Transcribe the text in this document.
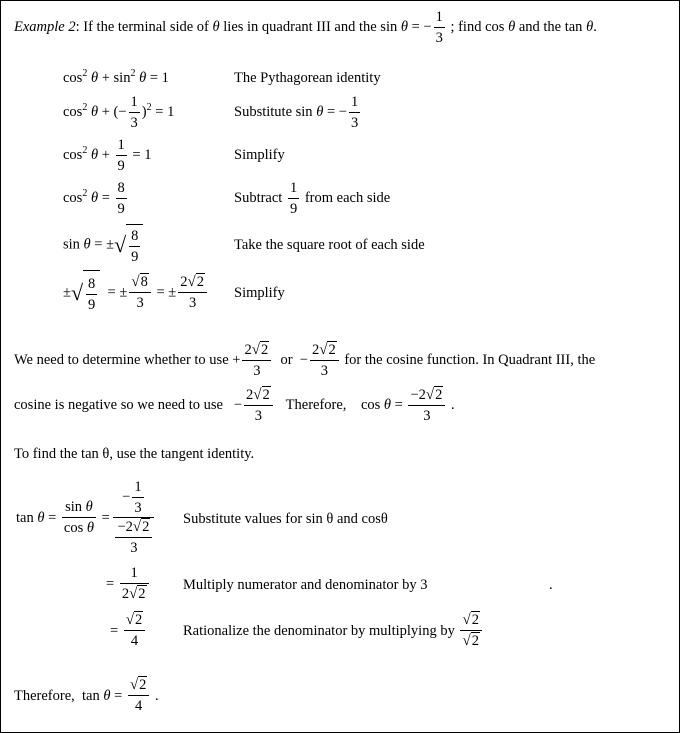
Example 2: If the terminal side of θ lies in quadrant III and the sin θ = − $\frac{1}{3}$ ; find cos θ and the tan θ.
$\cos^2 \theta + \sin^2 \theta = 1$	The Pythagorean identity
$\cos^2 \theta$ + (− $\frac{1}{3} )^2 = 1$	Substitute sin θ = − $\frac{1}{3}$
$\cos^2 \theta + \frac{1}{9} = 1$	Simplify
$\cos^2 \theta = \frac{8}{9}$	Subtract $\frac{1}{9}$ from each side
sin θ = ±√ $\frac{8}{9}$	Take the square root of each side
±√ $\frac{8}{9}$ = ± $\frac{√8}{3}$ = ± $\frac{2√2}{3}$ Simplify
We need to determine whether to use + $\frac{2√2}{3}$ or − $\frac{2√2}{3}$ for the cosine function. In Quadrant III, the
cosine is negative so we need to use − $\frac{2√2}{3}$ Therefore, $\cos \theta = \frac{-2√2}{3}$ .
To find the tan θ, use the tangent identity.
$\tan \theta = \frac{\text{sin θ}}{\text{cos θ}} = \frac{- \frac{1}{3}}{\frac{-2√2}{3}}$ Substitute values for sin θ and cosθ
= $\frac{1}{2√2}$ Multiply numerator and denominator by 3	.
= $\frac{√2}{4}$	Rationalize the denominator by multiplying by $\frac{√2}{√2}$
Therefore, $\tan \theta = \frac{√2}{4}$ .
